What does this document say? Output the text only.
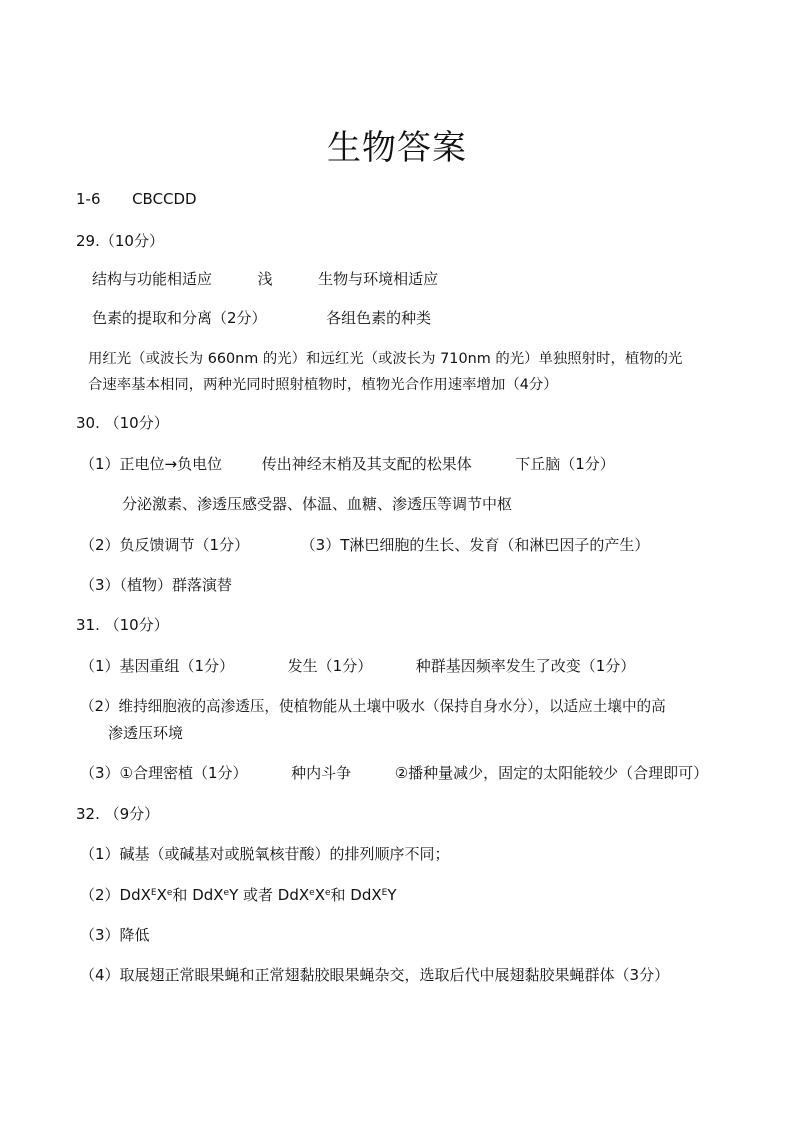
生物答案
1-6 CBCCDD
29.（10分）
结构与功能相适应	浅	生物与环境相适应
色素的提取和分离（2分）	各组色素的种类
用红光（或波长为 660nm 的光）和远红光（或波长为 710nm 的光）单独照射时，植物的光
合速率基本相同，两种光同时照射植物时，植物光合作用速率增加（4分）
30. （10分）
（1）正电位→负电位	传出神经末梢及其支配的松果体	下丘脑（1分）
分泌激素、渗透压感受器、体温、血糖、渗透压等调节中枢
（2）负反馈调节（1分）	（3）T淋巴细胞的生长、发育（和淋巴因子的产生）
（3）（植物）群落演替
31. （10分）
（1）基因重组（1分）	发生（1分）	种群基因频率发生了改变（1分）
（2）维持细胞液的高渗透压，使植物能从土壤中吸水（保持自身水分），以适应土壤中的高
渗透压环境
（3）①合理密植（1分）	种内斗争	②播种量减少，固定的太阳能较少（合理即可）
32. （9分）
（1）碱基（或碱基对或脱氧核苷酸）的排列顺序不同；
（2）DdX$^E$Xe和 DdX$^e$Y 或者 DdX$^e$Xe和 DdX$^E$Y
（3）降低
（4）取展翅正常眼果蝇和正常翅黏胶眼果蝇杂交，选取后代中展翅黏胶果蝇群体（3分）
